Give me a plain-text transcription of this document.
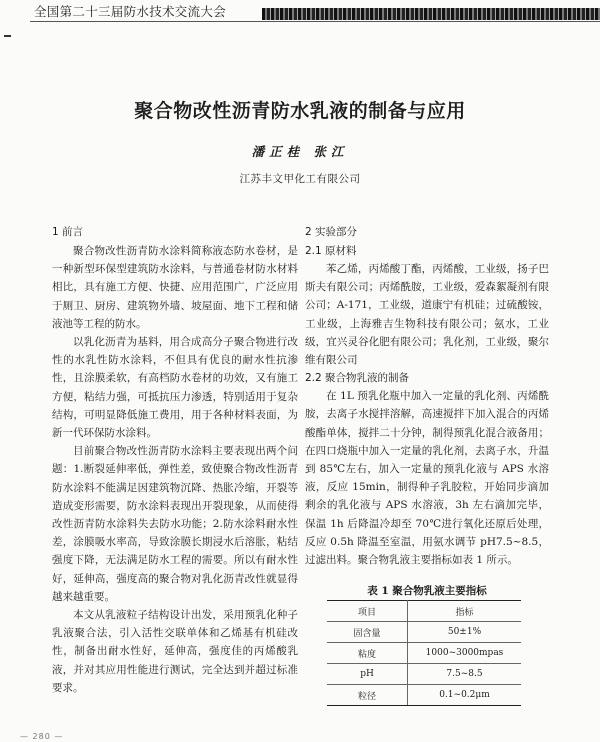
全国第二十三届防水技术交流大会
聚合物改性沥青防水乳液的制备与应用
潘正桂 张江
江苏丰文甲化工有限公司
1 前言

聚合物改性沥青防水涂料简称液态防水卷材，是一种新型环保型建筑防水涂料，与普通卷材防水材料相比，具有施工方便、快捷、应用范围广，广泛应用于厕卫、厨房、建筑物外墙、坡屋面、地下工程和储液池等工程的防水。

以乳化沥青为基料，用合成高分子聚合物进行改性的水乳性防水涂料，不但具有优良的耐水性抗渗性，且涂膜柔软，有高档防水卷材的功效，又有施工方便，粘结力强，可抵抗压力渗透，特别适用于复杂结构，可明显降低施工费用，用于各种材料表面，为新一代环保防水涂料。

目前聚合物改性沥青防水涂料主要表现出两个问题：1.断裂延伸率低，弹性差，致使聚合物改性沥青防水涂料不能满足因建筑物沉降、热胀冷缩，开裂等造成变形需要，防水涂料表现出开裂现象，从而使得改性沥青防水涂料失去防水功能；2.防水涂料耐水性差，涂膜吸水率高，导致涂膜长期浸水后溶胀，粘结强度下降，无法满足防水工程的需要。所以有耐水性好，延伸高，强度高的聚合物对乳化沥青改性就显得越来越重要。

本文从乳液粒子结构设计出发，采用预乳化种子乳液聚合法，引入活性交联单体和乙烯基有机硅改性，制备出耐水性好，延伸高，强度佳的丙烯酸乳液，并对其应用性能进行测试，完全达到并超过标准要求。

2 实验部分
2.1 原材料

苯乙烯，丙烯酸丁酯，丙烯酸，工业级，扬子巴斯夫有限公司；丙烯酰胺，工业级，爱森絮凝剂有限公司；A-171，工业级，道康宁有机硅；过硫酸铵，工业级，上海雅吉生物科技有限公司；氨水，工业级，宜兴灵谷化肥有限公司；乳化剂，工业级，聚尔维有限公司

2.2 聚合物乳液的制备

在 1L 预乳化瓶中加入一定量的乳化剂、丙烯酰胺，去离子水搅拌溶解，高速搅拌下加入混合的丙烯酸酯单体，搅拌二十分钟，制得预乳化混合液备用；在四口烧瓶中加入一定量的乳化剂，去离子水，升温到 85℃左右，加入一定量的预乳化液与 APS 水溶液，反应 15min，制得种子乳胶粒，开始同步滴加剩余的乳化液与 APS 水溶液，3h 左右滴加完毕，保温 1h 后降温冷却至 70℃进行氧化还原后处理，反应 0.5h 降温至室温，用氨水调节 pH7.5~8.5，过滤出料。聚合物乳液主要指标如表 1 所示。

表 1 聚合物乳液主要指标
项目	指标
固含量	50±1%
粘度	1000~3000mpas
pH	7.5~8.5
粒径	0.1~0.2μm
— 280 —
